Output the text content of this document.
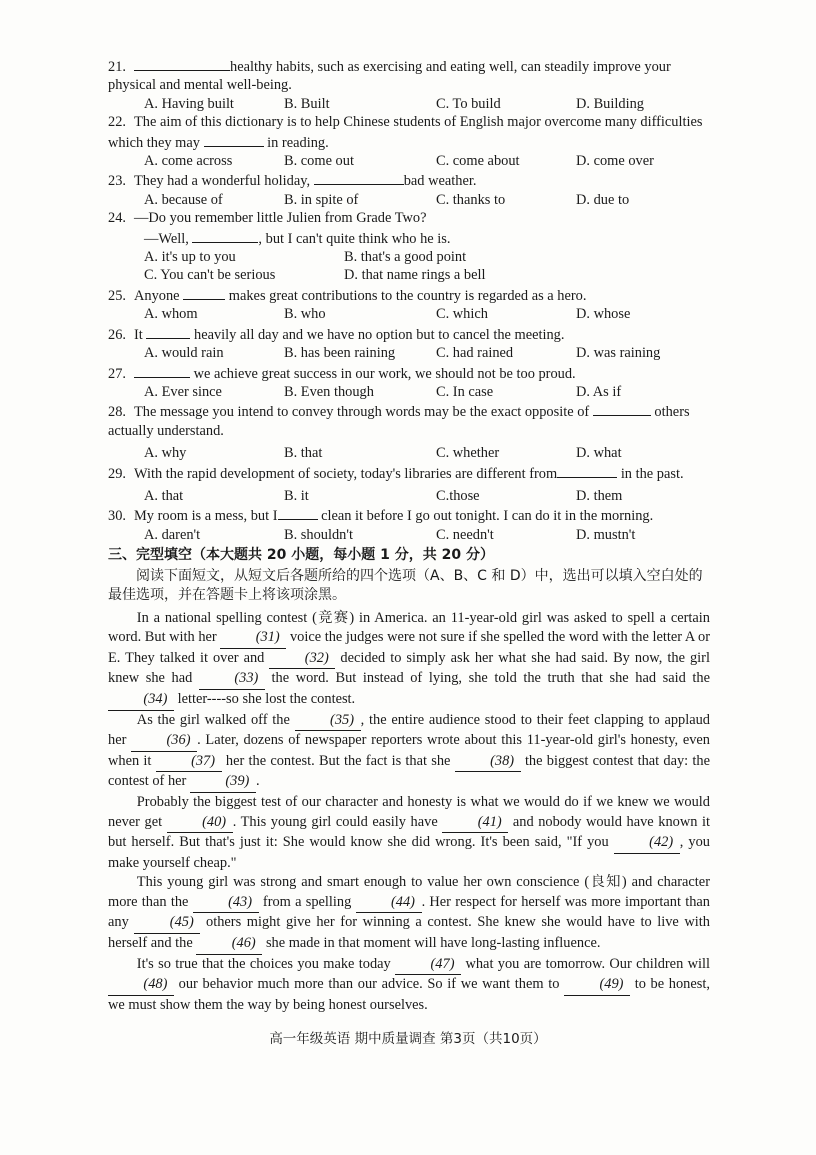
21.	healthy habits, such as exercising and eating well, can steadily improve your physical and mental well-being.

A. Having built	B. Built	C. To build	D. Building

22. The aim of this dictionary is to help Chinese students of English major overcome many difficulties which they may	in reading.

A. come across	B. come out	C. come about	D. come over

23. They had a wonderful holiday,	bad weather.

A. because of	B. in spite of	C. thanks to	D. due to

24. —Do you remember little Julien from Grade Two?

—Well,	, but I can't quite think who he is.

A. it's up to you	B. that's a good point
C. You can't be serious	D. that name rings a bell

25. Anyone	makes great contributions to the country is regarded as a hero.

A. whom	B. who	C. which	D. whose

26. It	heavily all day and we have no option but to cancel the meeting.

A. would rain	B. has been raining	C. had rained	D. was raining

27.	we achieve great success in our work, we should not be too proud.

A. Ever since	B. Even though	C. In case	D. As if

28. The message you intend to convey through words may be the exact opposite of	others actually understand.

A. why	B. that	C. whether	D. what

29. With the rapid development of society, today's libraries are different from	in the past.

A. that	B. it	C.those	D. them

30. My room is a mess, but I	clean it before I go out tonight. I can do it in the morning.

A. daren't	B. shouldn't	C. needn't	D. mustn't

三、完型填空（本大题共 20 小题，每小题 1 分，共 20 分）

阅读下面短文，从短文后各题所给的四个选项（A、B、C 和 D）中，选出可以填入空白处的最佳选项，并在答题卡上将该项涂黑。

In a national spelling contest (竞赛) in America. an 11-year-old girl was asked to spell a certain word. But with her	(31) voice the judges were not sure if she spelled the word with the letter A or E. They talked it over and	(32) decided to simply ask her what she had said. By now, the girl knew she had	(33) the word. But instead of lying, she told the truth that she had said the (34) letter----so she lost the contest.

As the girl walked off the	(35) , the entire audience stood to their feet clapping to applaud her	(36) . Later, dozens of newspaper reporters wrote about this 11-year-old girl's honesty, even when it	(37) her the contest. But the fact is that she	(38) the biggest contest that day: the contest of her	(39) .

Probably the biggest test of our character and honesty is what we would do if we knew we would never get	(40) . This young girl could easily have	(41) and nobody would have known it but herself. But that's just it: She would know she did wrong. It's been said, "If you	(42) , you make yourself cheap."

This young girl was strong and smart enough to value her own conscience (良知) and character more than the	(43) from a spelling	(44) . Her respect for herself was more important than any	(45) others might give her for winning a contest. She knew she would have to live with herself and the	(46) she made in that moment will have long-lasting influence.

It's so true that the choices you make today	(47) what you are tomorrow. Our children will (48) our behavior much more than our advice. So if we want them to	(49) to be honest, we must show them the way by being honest ourselves.

高一年级英语 期中质量调查 第3页（共10页）
